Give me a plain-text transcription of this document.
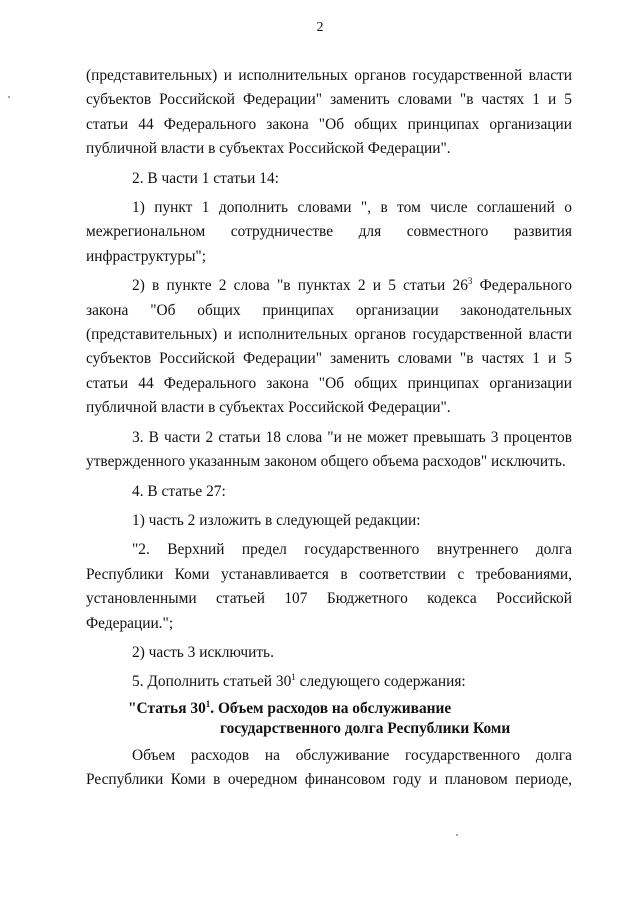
2

(представительных) и исполнительных органов государственной власти субъектов Российской Федерации" заменить словами "в частях 1 и 5 статьи 44 Федерального закона "Об общих принципах организации публичной власти в субъектах Российской Федерации".

2. В части 1 статьи 14:

1) пункт 1 дополнить словами ", в том числе соглашений о межрегиональном сотрудничестве для совместного развития инфраструктуры";

2) в пункте 2 слова "в пунктах 2 и 5 статьи $26^3$ Федерального закона "Об общих принципах организации законодательных (представительных) и исполнительных органов государственной власти субъектов Российской Федерации" заменить словами "в частях 1 и 5 статьи 44 Федерального закона "Об общих принципах организации публичной власти в субъектах Российской Федерации".

3. В части 2 статьи 18 слова "и не может превышать 3 процентов утвержденного указанным законом общего объема расходов" исключить.

4. В статье 27:

1) часть 2 изложить в следующей редакции:

"2. Верхний предел государственного внутреннего долга Республики Коми устанавливается в соответствии с требованиями, установленными статьей 107 Бюджетного кодекса Российской Федерации.";

2) часть 3 исключить.

5. Дополнить статьей $30^1$ следующего содержания:

"Статья $30^1$. Объем расходов на обслуживание
государственного долга Республики Коми

Объем расходов на обслуживание государственного долга Республики Коми в очередном финансовом году и плановом периоде,
